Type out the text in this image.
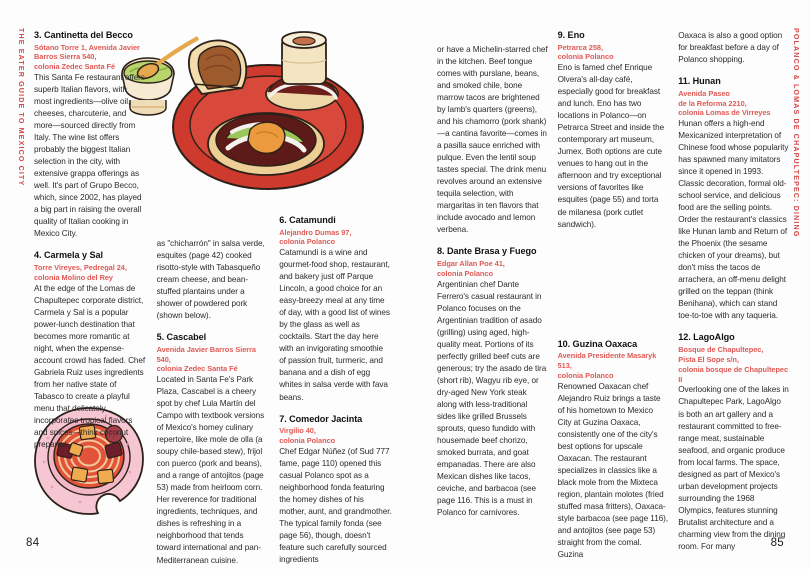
THE EATER GUIDE TO MEXICO CITY
84
3. Cantinetta del Becco
Sótano Torre 1, Avenida Javier
Barros Sierra 540,
colonia Zedec Santa Fé
This Santa Fe restaurant offers superb Italian flavors, with most ingredients—olive oil, cheeses, charcuterie, and more—sourced directly from Italy. The wine list offers probably the biggest Italian selection in the city, with extensive grappa offerings as well. It's part of Grupo Becco, which, since 2002, has played a big part in raising the overall quality of Italian cooking in Mexico City.
4. Carmela y Sal
Torre Vireyes, Pedregal 24,
colonia Molino del Rey
At the edge of the Lomas de Chapultepec corporate district, Carmela y Sal is a popular power-lunch destination that becomes more romantic at night, when the expense-account crowd has faded. Chef Gabriela Ruiz uses ingredients from her native state of Tabasco to create a playful menu that delicately incorporates tropical flavors and spices—think coconut prepared
as "chicharrón" in salsa verde, esquites (page 42) cooked risotto-style with Tabasqueño cream cheese, and bean-stuffed plantains under a shower of powdered pork (shown below).
5. Cascabel
Avenida Javier Barros Sierra 540,
colonia Zedec Santa Fé
Located in Santa Fe's Park Plaza, Cascabel is a cheery spot by chef Lula Martín del Campo with textbook versions of Mexico's homey culinary repertoire, like mole de olla (a soupy chile-based stew), frijol con puerco (pork and beans), and a range of antojitos (page 53) made from heirloom corn. Her reverence for traditional ingredients, techniques, and dishes is refreshing in a neighborhood that tends toward international and pan-Mediterranean cuisine.
6. Catamundi
Alejandro Dumas 97,
colonia Polanco
Catamundi is a wine and gourmet-food shop, restaurant, and bakery just off Parque Lincoln, a good choice for an easy-breezy meal at any time of day, with a good list of wines by the glass as well as cocktails. Start the day here with an invigorating smoothie of passion fruit, turmeric, and banana and a dish of egg whites in salsa verde with fava beans.
7. Comedor Jacinta
Virgilio 40,
colonia Polanco
Chef Edgar Núñez (of Sud 777 fame, page 110) opened this casual Polanco spot as a neighborhood fonda featuring the homey dishes of his mother, aunt, and grandmother. The typical family fonda (see page 56), though, doesn't feature such carefully sourced ingredients
POLANCO & LOMAS DE CHAPULTEPEC: DINING
85
or have a Michelin-starred chef in the kitchen. Beef tongue comes with purslane, beans, and smoked chile, bone marrow tacos are brightened by lamb's quarters (greens), and his chamorro (pork shank)—a cantina favorite—comes in a pasilla sauce enriched with pulque. Even the lentil soup tastes special. The drink menu revolves around an extensive tequila selection, with margaritas in ten flavors that include avocado and lemon verbena.
8. Dante Brasa y Fuego
Edgar Allan Poe 41,
colonia Polanco
Argentinian chef Dante Ferrero's casual restaurant in Polanco focuses on the Argentinian tradition of asado (grilling) using aged, high-quality meat. Portions of its perfectly grilled beef cuts are generous; try the asado de tira (short rib), Wagyu rib eye, or dry-aged New York steak along with less-traditional sides like grilled Brussels sprouts, queso fundido with housemade beef chorizo, smoked burrata, and goat empanadas. There are also Mexican dishes like tacos, ceviche, and barbacoa (see page 116. This is a must in Polanco for carnivores.
9. Eno
Petrarca 258,
colonia Polanco
Eno is famed chef Enrique Olvera's all-day café, especially good for breakfast and lunch. Eno has two locations in Polanco—on Petrarca Street and inside the contemporary art museum, Jumex. Both options are cute venues to hang out in the afternoon and try exceptional versions of favorites like esquites (page 55) and torta de milanesa (pork cutlet sandwich).
10. Guzina Oaxaca
Avenida Presidente Masaryk 513,
colonia Polanco
Renowned Oaxacan chef Alejandro Ruiz brings a taste of his hometown to Mexico City at Guzina Oaxaca, consistently one of the city's best options for upscale Oaxacan. The restaurant specializes in classics like a black mole from the Mixteca region, plantain molotes (fried stuffed masa fritters), Oaxaca-style barbacoa (see page 116), and antojitos (see page 53) straight from the comal. Guzina
Oaxaca is also a good option for breakfast before a day of Polanco shopping.
11. Hunan
Avenida Paseo
de la Reforma 2210,
colonia Lomas de Virreyes
Hunan offers a high-end Mexicanized interpretation of Chinese food whose popularity has spawned many imitators since it opened in 1993. Classic decoration, formal old-school service, and delicious food are the selling points. Order the restaurant's classics like Hunan lamb and Return of the Phoenix (the sesame chicken of your dreams), but don't miss the tacos de arrachera, an off-menu delight grilled on the teppan (think Benihana), which can stand toe-to-toe with any taqueria.
12. LagoAlgo
Bosque de Chapultepec,
Pista El Sope s/n,
colonia bosque de Chapultepec II
Overlooking one of the lakes in Chapultepec Park, LagoAlgo is both an art gallery and a restaurant committed to free-range meat, sustainable seafood, and organic produce from local farms. The space, designed as part of Mexico's urban development projects surrounding the 1968 Olympics, features stunning Brutalist architecture and a charming view from the dining room. For many
